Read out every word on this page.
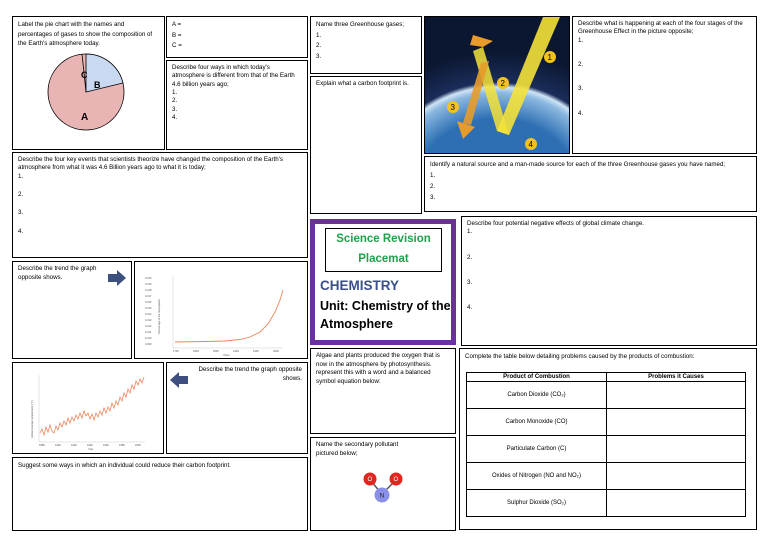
Label the pie chart with the names and percentages of gases to show the composition of the Earth's atmosphere today.

C
B
A

A =

B =

C =

Describe four ways in which today's atmosphere is different from that of the Earth 4.6 billion years ago;

1.

2.

3.

4.

Name three Greenhouse gases;

1.

2.

3.

Explain what a carbon footprint is.

1
2
3
4

Describe what is happening at each of the four stages of the Greenhouse Effect in the picture opposite;

1.

2.

3.

4.

Describe the four key events that scientists theorize have changed the composition of the Earth's atmosphere from what it was 4.6 Billion years ago to what it is today;

1.

2.

3.

4.

Identify a natural source and a man-made source for each of the three Greenhouse gases you have named;

1.

2.

3.

Science Revision
Placemat
CHEMISTRY
Unit: Chemistry of the Atmosphere

Describe four potential negative effects of global climate change.

1.

2.

3.

4.

Describe the trend the graph opposite shows.	0.320
0.319
0.318
0.317
0.316
0.315
0.314
0.313
0.312
0.311
0.310
0.309
1750	1800	1850	1900	1950	2000
Years
Percentage of the atmosphere

Algae and plants produced the oxygen that is now in the atmosphere by photosynthesis. represent this with a word and a balanced symbol equation below:

Complete the table below detailing problems caused by the products of combustion:

Product of Combustion	Problems it Causes
Carbon Dioxide (CO₂)	
Carbon Monoxide (CO)	
Particulate Carbon (C)	
Oxides of Nitrogen (NO and NO₂)	
Sulphur Dioxide (SO₂)	
Global average temperature (°C)
1880	1900	1920	1940	1960	1980	2000
Year

Describe the trend the graph opposite shows.

Name the secondary pollutant pictured below;

O	O
N

Suggest some ways in which an individual could reduce their carbon footprint.
